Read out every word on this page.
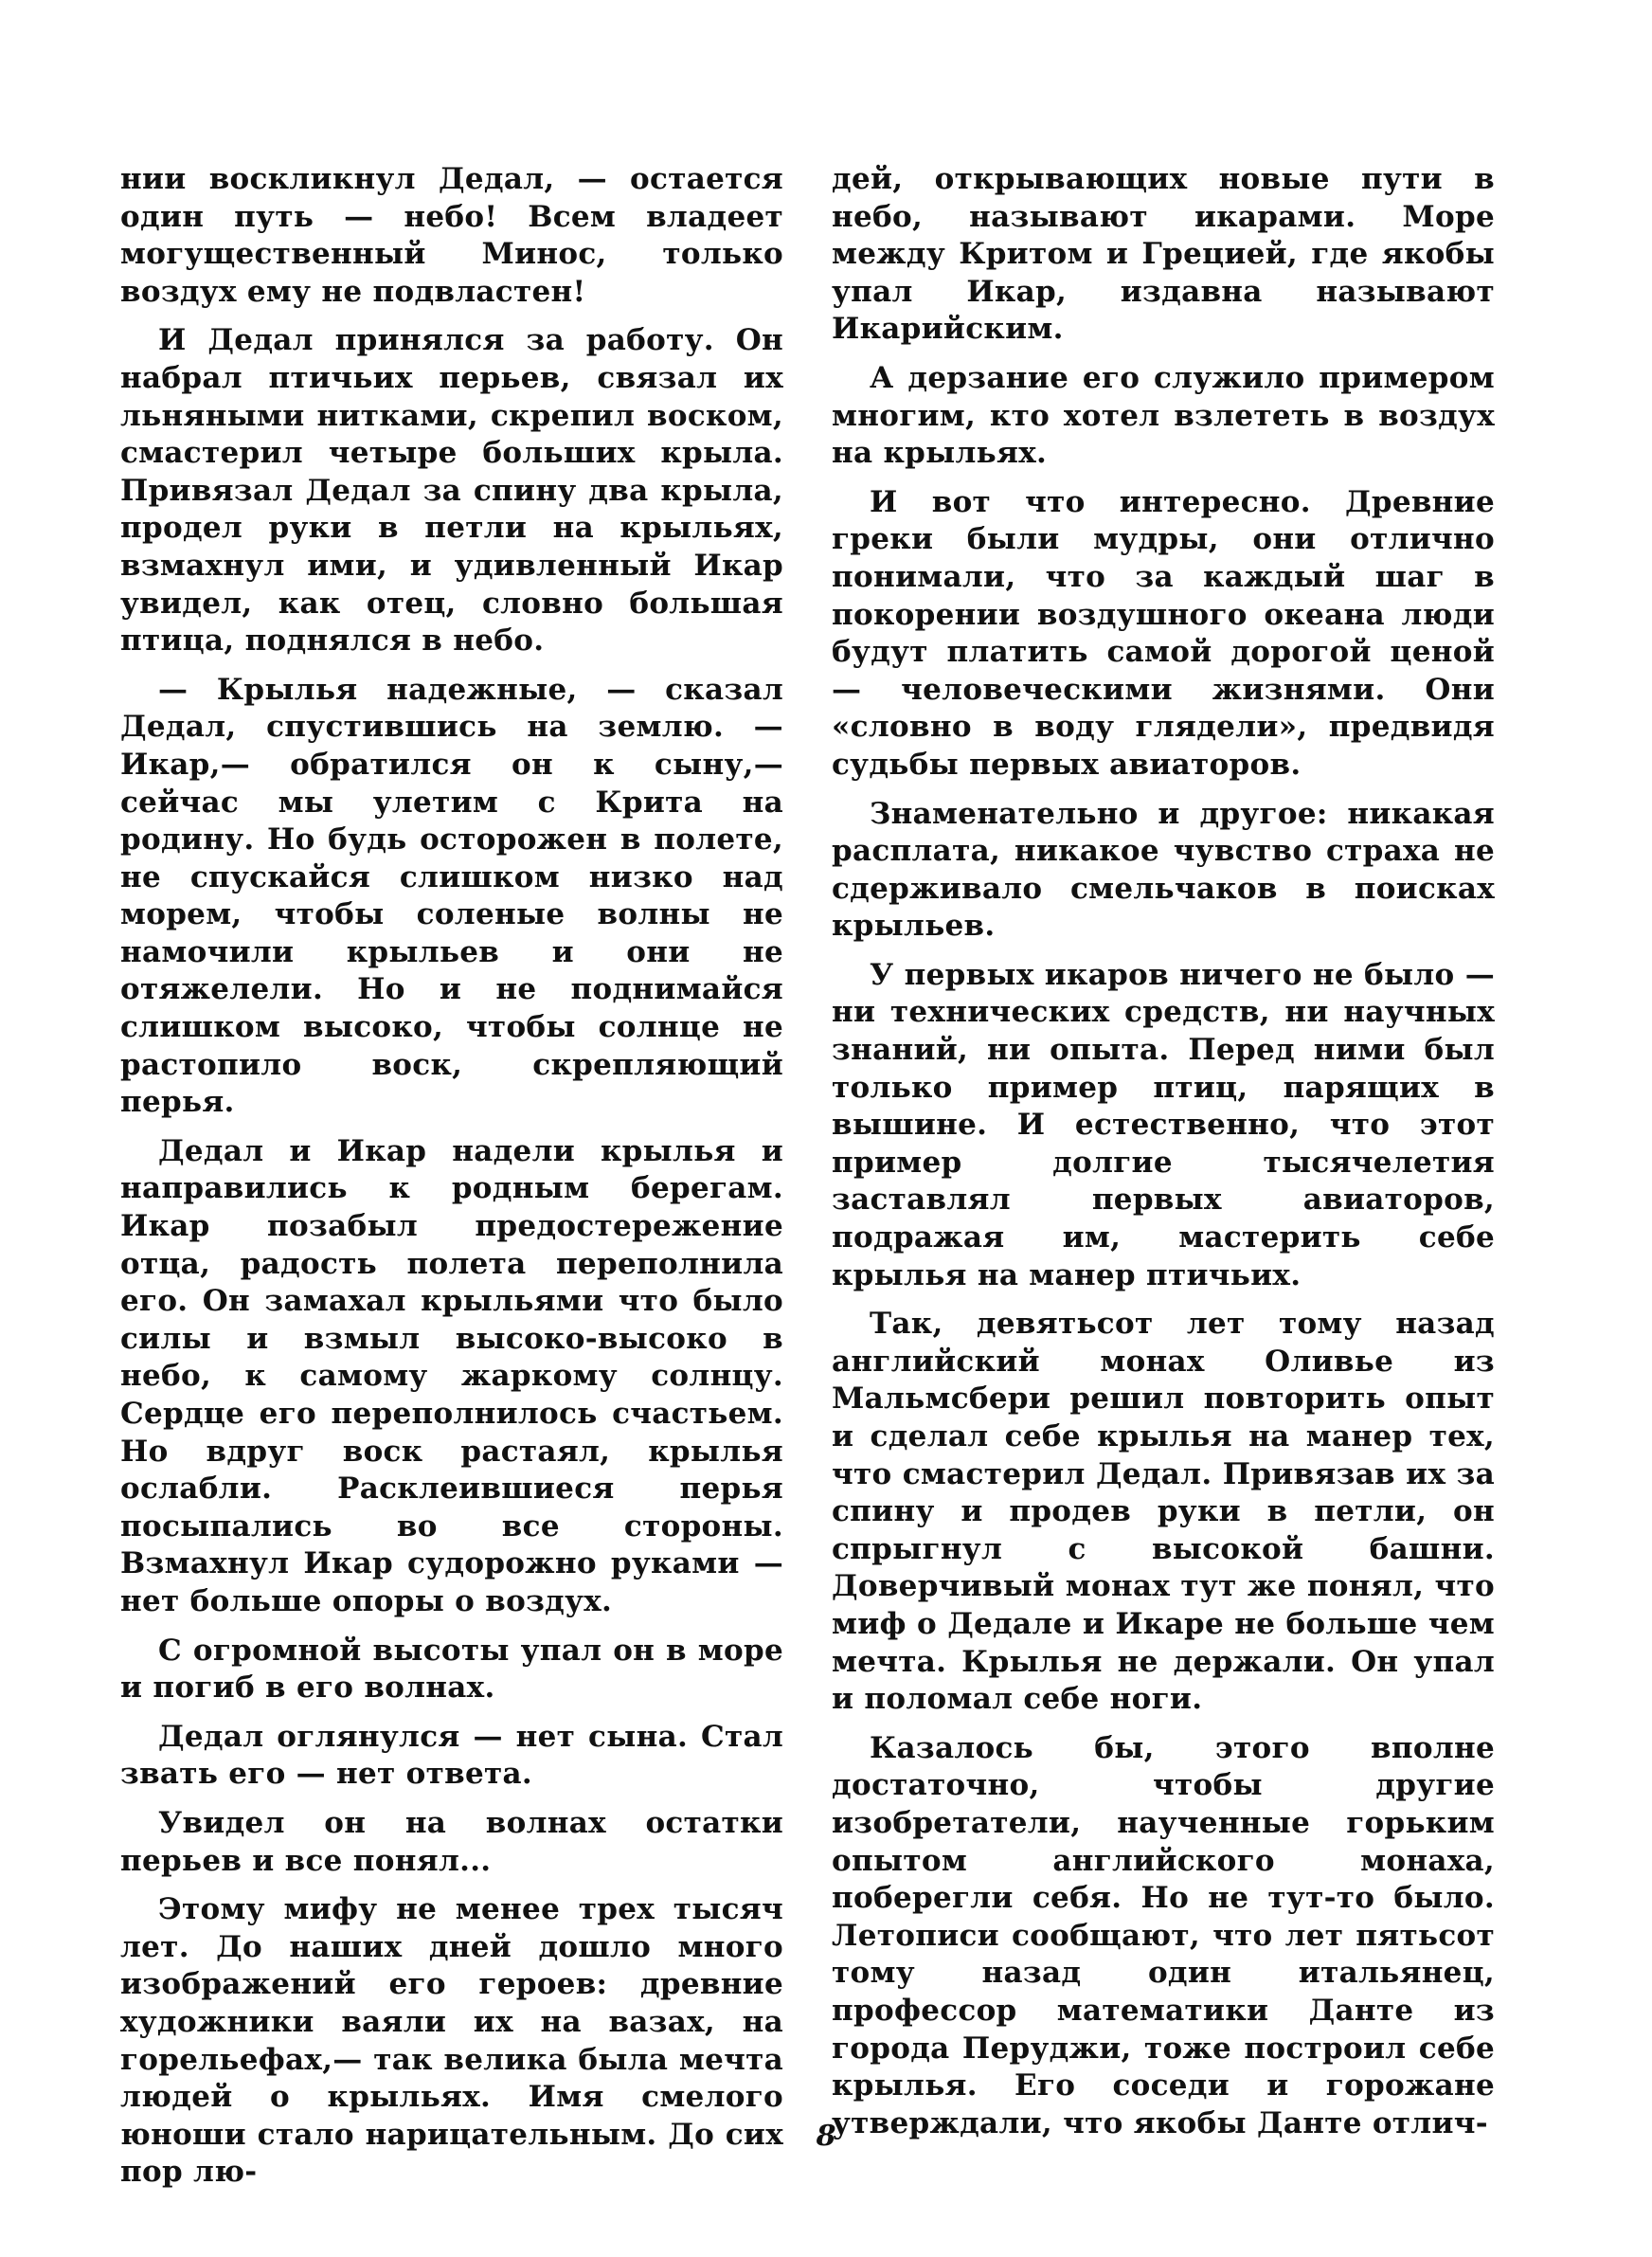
нии воскликнул Дедал, — остается один путь — небо! Всем владеет могущественный Минос, только воздух ему не подвластен!

И Дедал принялся за работу. Он набрал птичьих перьев, связал их льняными нитками, скрепил воском, смастерил четыре больших крыла. Привязал Дедал за спину два крыла, продел руки в петли на крыльях, взмахнул ими, и удивленный Икар увидел, как отец, словно большая птица, поднялся в небо.

— Крылья надежные, — сказал Дедал, спустившись на землю. — Икар,— обратился он к сыну,— сейчас мы улетим с Крита на родину. Но будь осторожен в полете, не спускайся слишком низко над морем, чтобы соленые волны не намочили крыльев и они не отяжелели. Но и не поднимайся слишком высоко, чтобы солнце не растопило воск, скрепляющий перья.

Дедал и Икар надели крылья и направились к родным берегам. Икар позабыл предостережение отца, радость полета переполнила его. Он замахал крыльями что было силы и взмыл высоко-высоко в небо, к самому жаркому солнцу. Сердце его переполнилось счастьем. Но вдруг воск растаял, крылья ослабли. Расклеившиеся перья посыпались во все стороны. Взмахнул Икар судорожно руками — нет больше опоры о воздух.

С огромной высоты упал он в море и погиб в его волнах.

Дедал оглянулся — нет сына. Стал звать его — нет ответа.

Увидел он на волнах остатки перьев и все понял...

Этому мифу не менее трех тысяч лет. До наших дней дошло много изображений его героев: древние художники ваяли их на вазах, на горельефах,— так велика была мечта людей о крыльях. Имя смелого юноши стало нарицательным. До сих пор лю-

дей, открывающих новые пути в небо, называют икарами. Море между Критом и Грецией, где якобы упал Икар, издавна называют Икарийским.

А дерзание его служило примером многим, кто хотел взлететь в воздух на крыльях.

И вот что интересно. Древние греки были мудры, они отлично понимали, что за каждый шаг в покорении воздушного океана люди будут платить самой дорогой ценой — человеческими жизнями. Они «словно в воду глядели», предвидя судьбы первых авиаторов.

Знаменательно и другое: никакая расплата, никакое чувство страха не сдерживало смельчаков в поисках крыльев.

У первых икаров ничего не было — ни технических средств, ни научных знаний, ни опыта. Перед ними был только пример птиц, парящих в вышине. И естественно, что этот пример долгие тысячелетия заставлял первых авиаторов, подражая им, мастерить себе крылья на манер птичьих.

Так, девятьсот лет тому назад английский монах Оливье из Мальмсбери решил повторить опыт и сделал себе крылья на манер тех, что смастерил Дедал. Привязав их за спину и продев руки в петли, он спрыгнул с высокой башни. Доверчивый монах тут же понял, что миф о Дедале и Икаре не больше чем мечта. Крылья не держали. Он упал и поломал себе ноги.

Казалось бы, этого вполне достаточно, чтобы другие изобретатели, наученные горьким опытом английского монаха, поберегли себя. Но не тут-то было. Летописи сообщают, что лет пятьсот тому назад один итальянец, профессор математики Данте из города Перуджи, тоже построил себе крылья. Его соседи и горожане утверждали, что якобы Данте отлич-

8
